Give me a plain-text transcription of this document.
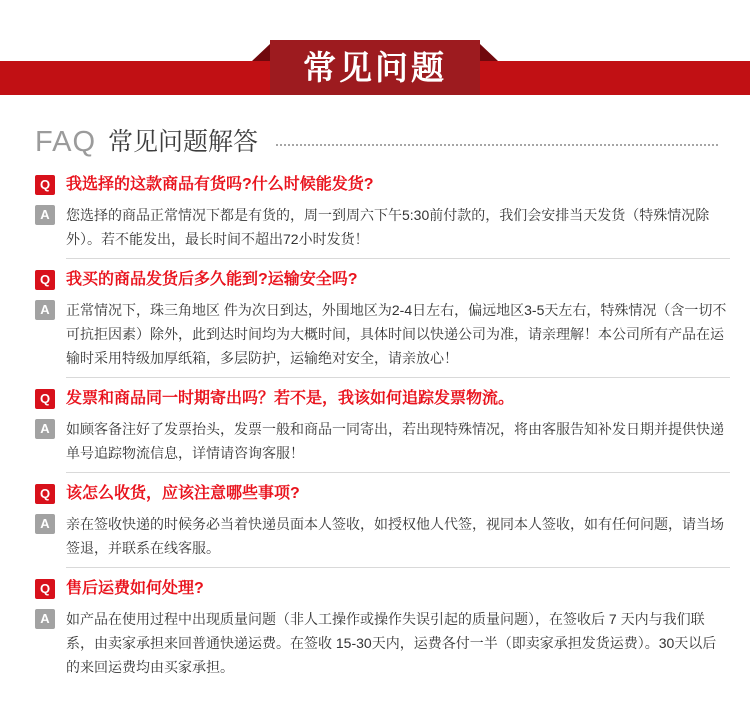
常见问题
FAQ 常见问题解答
Q 我选择的这款商品有货吗?什么时候能发货?
A	您选择的商品正常情况下都是有货的，周一到周六下午5:30前付款的，我们会安排当天发货（特殊情况除外）。若不能发出，最长时间不超出72小时发货！

Q 我买的商品发货后多久能到?运输安全吗?
A	正常情况下，珠三角地区 件为次日到达，外围地区为2-4日左右，偏远地区3-5天左右，特殊情况（含一切不可抗拒因素）除外，此到达时间均为大概时间，具体时间以快递公司为准，请亲理解！本公司所有产品在运输时采用特级加厚纸箱，多层防护，运输绝对安全，请亲放心！

Q 发票和商品同一时期寄出吗？若不是，我该如何追踪发票物流。
A	如顾客备注好了发票抬头，发票一般和商品一同寄出，若出现特殊情况，将由客服告知补发日期并提供快递单号追踪物流信息，详情请咨询客服！

Q 该怎么收货，应该注意哪些事项?
A	亲在签收快递的时候务必当着快递员面本人签收，如授权他人代签，视同本人签收，如有任何问题，请当场签退，并联系在线客服。

Q 售后运费如何处理?
A	如产品在使用过程中出现质量问题（非人工操作或操作失误引起的质量问题），在签收后 7 天内与我们联系，由卖家承担来回普通快递运费。在签收 15-30天内，运费各付一半（即卖家承担发货运费）。30天以后的来回运费均由买家承担。
